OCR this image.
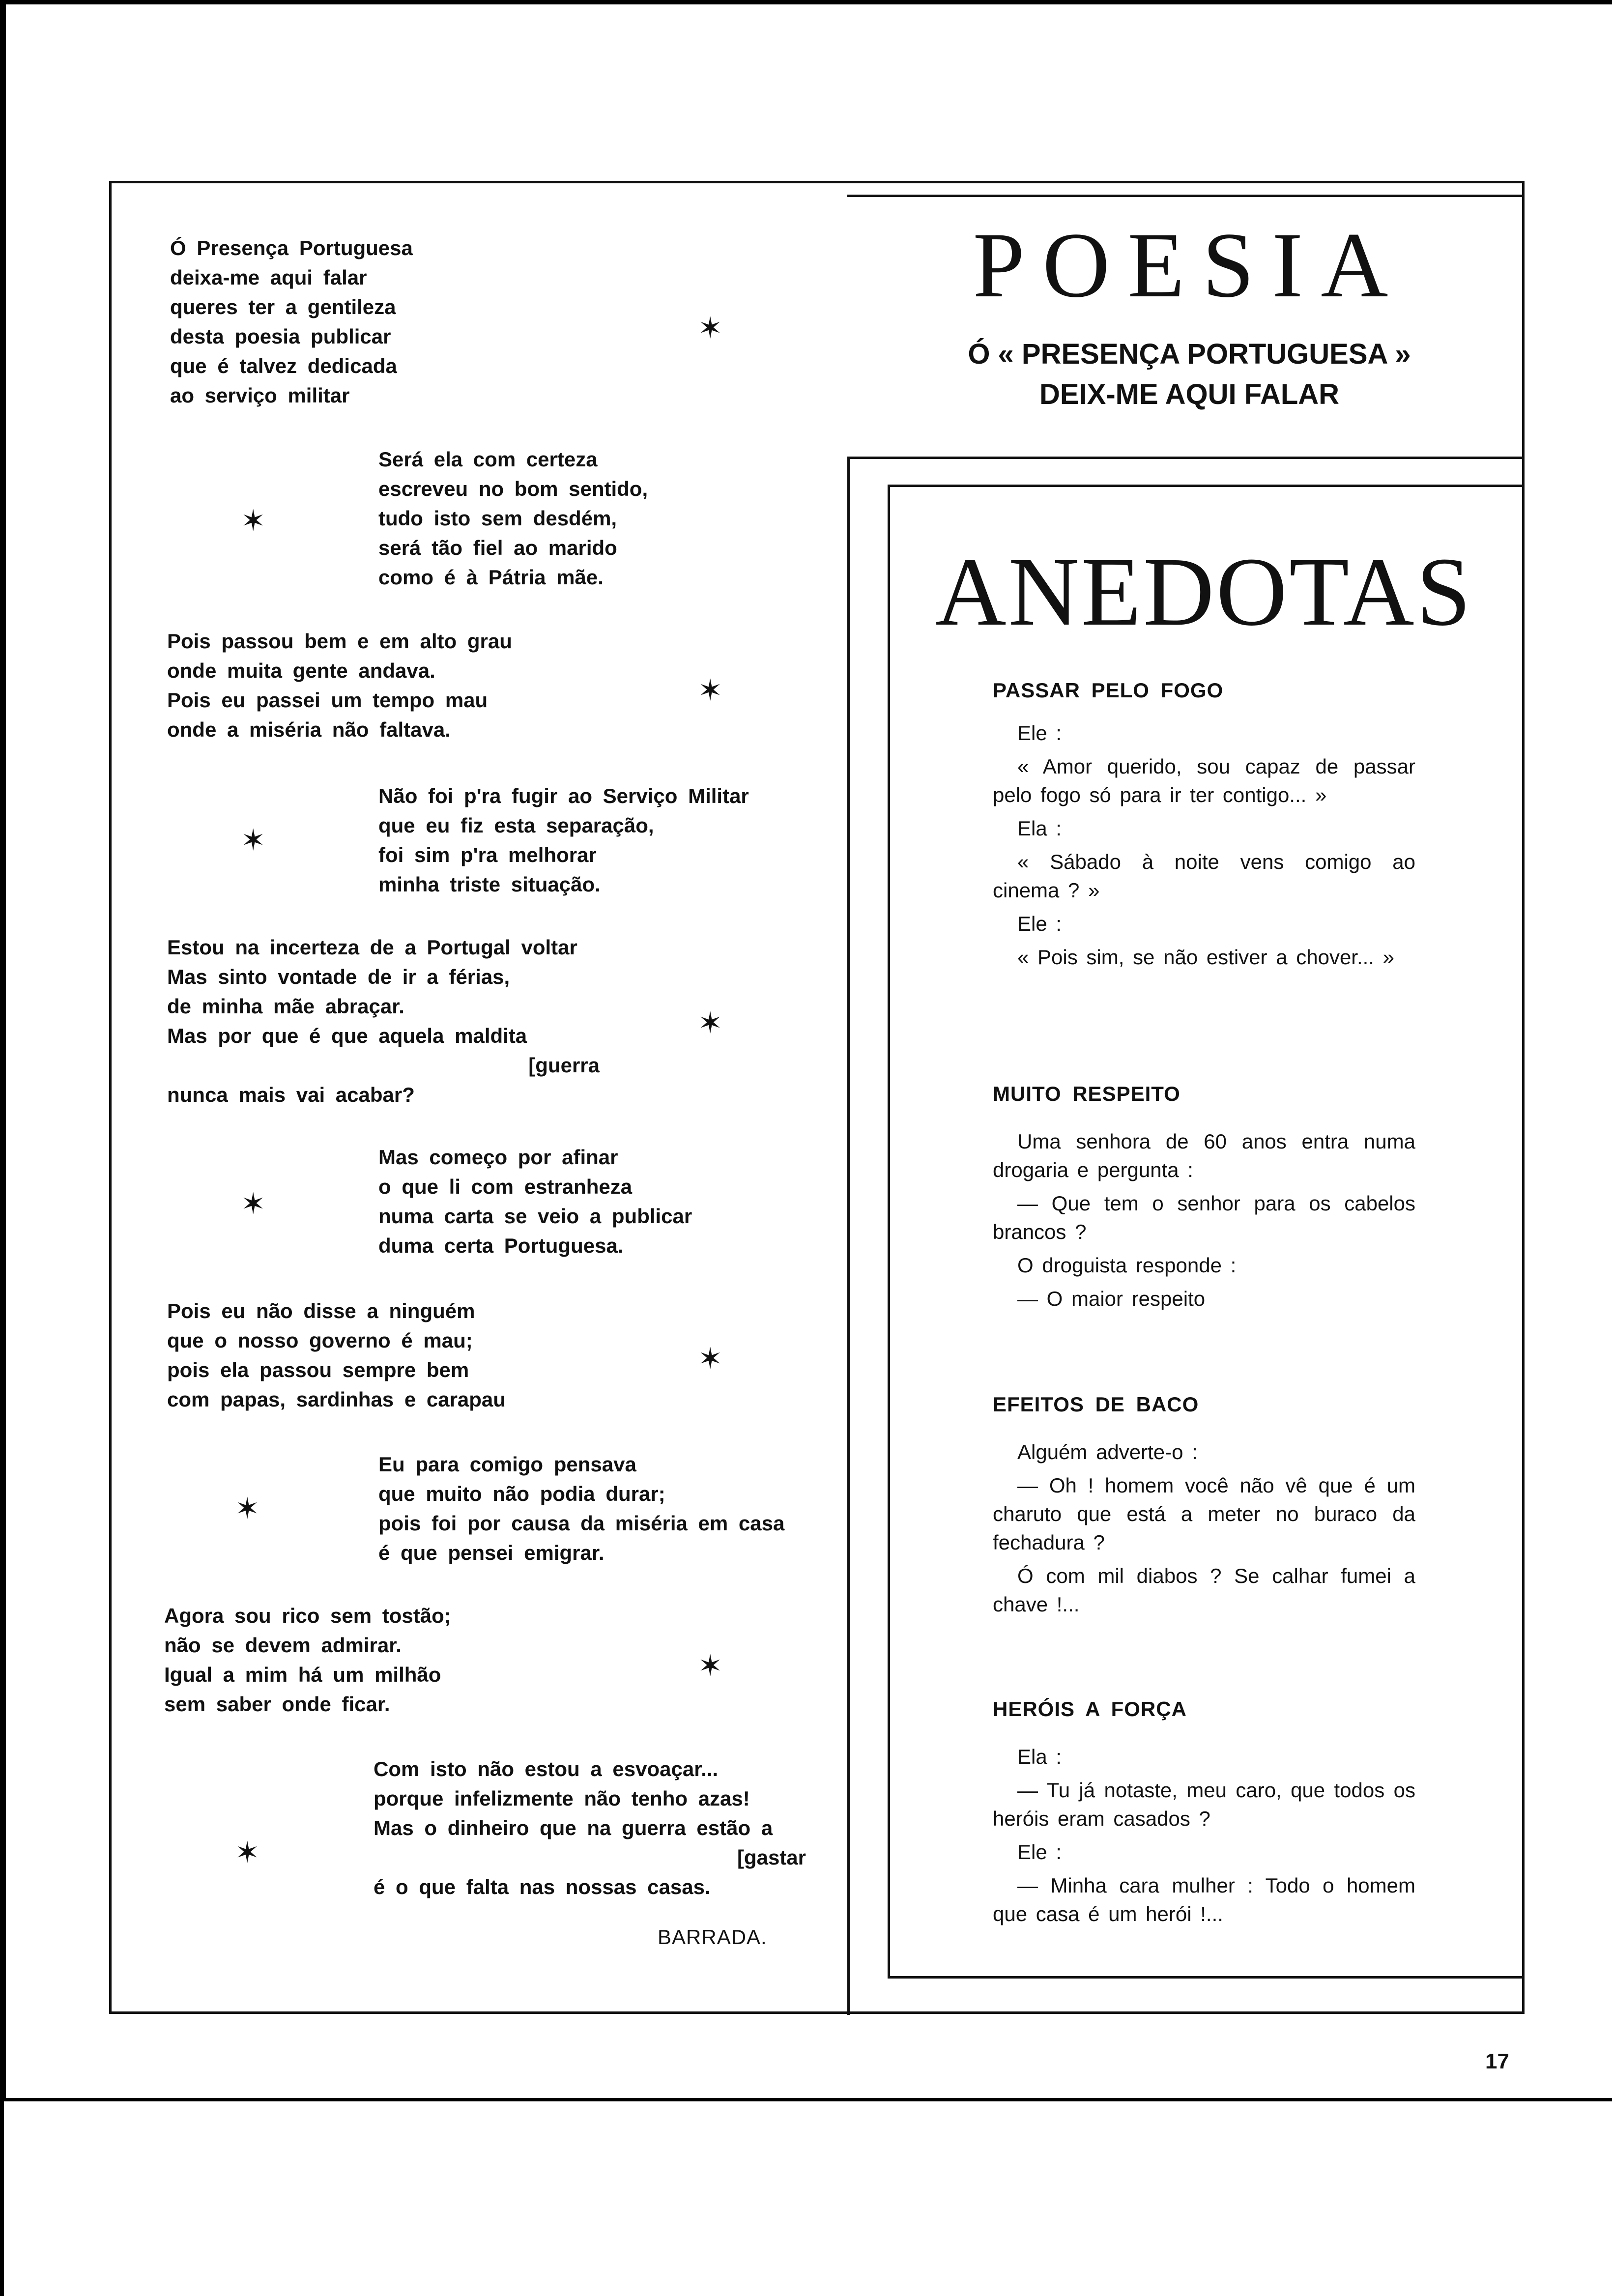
POESIA
Ó « PRESENÇA PORTUGUESA »
DEIX-ME AQUI FALAR

Ó Presença Portuguesa

deixa-me aqui falar

queres ter a gentileza

desta poesia publicar

que é talvez dedicada

ao serviço militar

Será ela com certeza

escreveu no bom sentido,

tudo isto sem desdém,

será tão fiel ao marido

como é à Pátria mãe.

Pois passou bem e em alto grau

onde muita gente andava.

Pois eu passei um tempo mau

onde a miséria não faltava.

Não foi p'ra fugir ao Serviço Militar

que eu fiz esta separação,

foi sim p'ra melhorar

minha triste situação.

Estou na incerteza de a Portugal voltar

Mas sinto vontade de ir a férias,

de minha mãe abraçar.

Mas por que é que aquela maldita

[guerra

nunca mais vai acabar?

Mas começo por afinar

o que li com estranheza

numa carta se veio a publicar

duma certa Portuguesa.

Pois eu não disse a ninguém

que o nosso governo é mau;

pois ela passou sempre bem

com papas, sardinhas e carapau

Eu para comigo pensava

que muito não podia durar;

pois foi por causa da miséria em casa

é que pensei emigrar.

Agora sou rico sem tostão;

não se devem admirar.

Igual a mim há um milhão

sem saber onde ficar.

Com isto não estou a esvoaçar...

porque infelizmente não tenho azas!

Mas o dinheiro que na guerra estão a

[gastar

é o que falta nas nossas casas.

BARRADA.
✶
✶
✶
✶
✶
✶
✶
✶
✶
✶
ANEDOTAS
PASSAR PELO FOGO

Ele :

« Amor querido, sou capaz de passar pelo fogo só para ir ter contigo... »

Ela :

« Sábado à noite vens comigo ao cinema ? »

Ele :

« Pois sim, se não estiver a chover... »

MUITO RESPEITO

Uma senhora de 60 anos entra numa drogaria e pergunta :

— Que tem o senhor para os cabelos brancos ?

O droguista responde :

— O maior respeito

EFEITOS DE BACO

Alguém adverte-o :

— Oh ! homem você não vê que é um charuto que está a meter no buraco da fechadura ?

Ó com mil diabos ? Se calhar fumei a chave !...

HERÓIS A FORÇA

Ela :

— Tu já notaste, meu caro, que todos os heróis eram casados ?

Ele :

— Minha cara mulher : Todo o homem que casa é um herói !...

17
